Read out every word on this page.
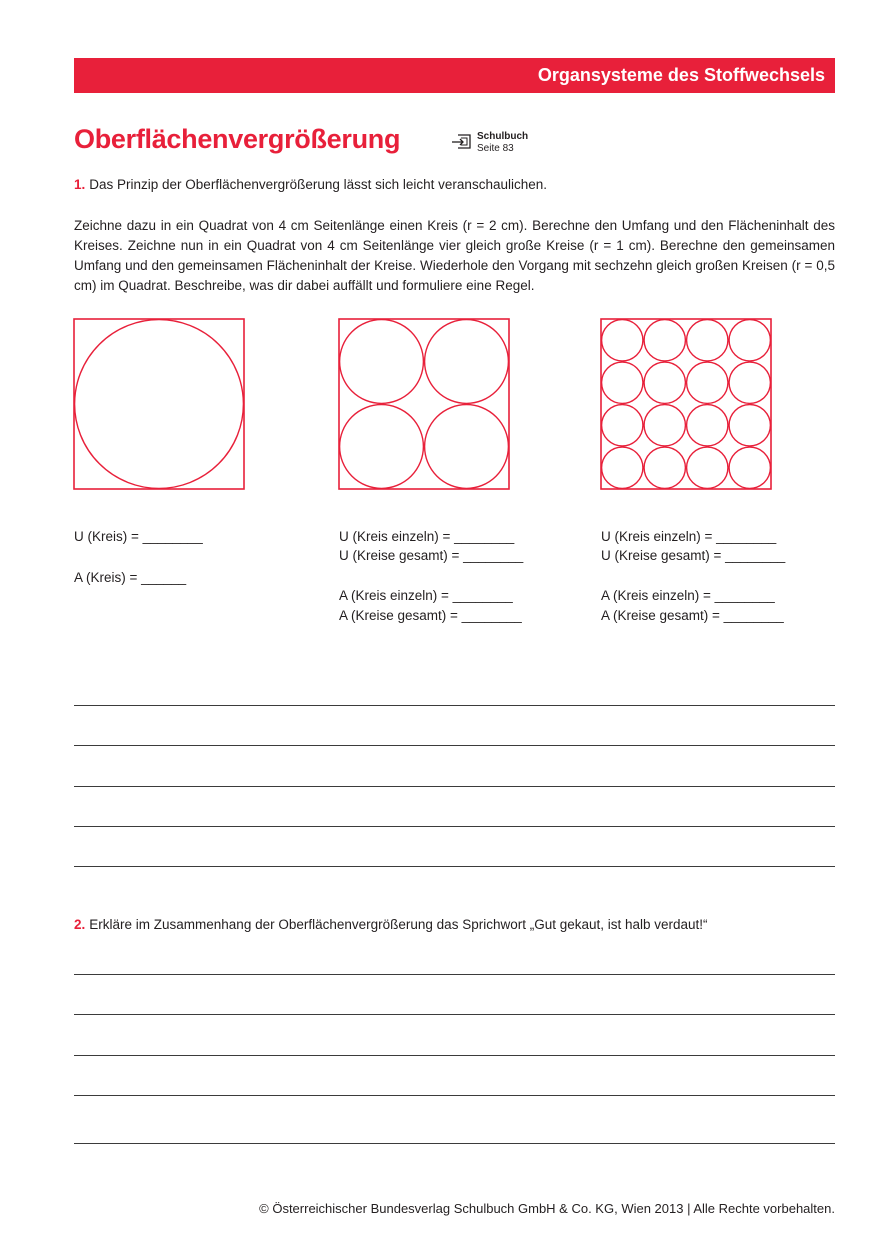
Organsysteme des Stoffwechsels
Oberflächenvergrößerung	Schulbuch
Seite 83

1. Das Prinzip der Oberflächenvergrößerung lässt sich leicht veranschaulichen.

Zeichne dazu in ein Quadrat von 4 cm Seitenlänge einen Kreis (r = 2 cm). Berechne den Umfang und den Flächeninhalt des Kreises. Zeichne nun in ein Quadrat von 4 cm Seitenlänge vier gleich große Kreise (r = 1 cm). Berechne den gemeinsamen Umfang und den gemeinsamen Flächeninhalt der Kreise. Wiederhole den Vorgang mit sechzehn gleich großen Kreisen (r = 0,5 cm) im Quadrat. Beschreibe, was dir dabei auffällt und formuliere eine Regel.

U (Kreis) = ________
A (Kreis) = ______
U (Kreis einzeln) = ________
U (Kreise gesamt) = ________
A (Kreis einzeln) = ________
A (Kreise gesamt) = ________
U (Kreis einzeln) = ________
U (Kreise gesamt) = ________
A (Kreis einzeln) = ________
A (Kreise gesamt) = ________

2. Erkläre im Zusammenhang der Oberflächenvergrößerung das Sprichwort „Gut gekaut, ist halb verdaut!“

© Österreichischer Bundesverlag Schulbuch GmbH & Co. KG, Wien 2013 | Alle Rechte vorbehalten.
